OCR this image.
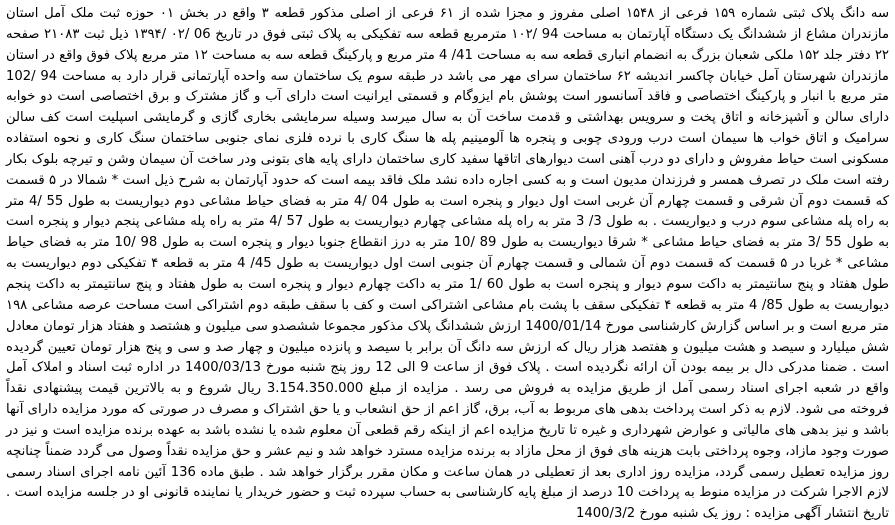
سه دانگ پلاک ثبتی شماره ۱۵۹ فرعی از ۱۵۴۸ اصلی مفروز و مجزا شده از ۶۱ فرعی از اصلی مذکور قطعه ۳ واقع در بخش ۰۱ حوزه ثبت ملک آمل استان مازندران مشاع از ششدانگ یک دستگاه آپارتمان به مساحت 94 /۱۰۲ مترمربع قطعه سه تفکیکی به پلاک ثبتی فوق در تاریخ 06 /۰۲ /۱۳۹۴ ذیل ثبت ۲۱۰۸۳ صفحه ۲۲ دفتر جلد ۱۵۲ ملکی شعبان بزرگ به انضمام انباری قطعه سه به مساحت 41/ 4 متر مربع و پارکینگ قطعه سه به مساحت ۱۲ متر مربع پلاک فوق واقع در استان مازندران شهرستان آمل خیابان چاکسر اندیشه ۶۲ ساختمان سرای مهر می باشد در طبقه سوم یک ساختمان سه واحده آپارتمانی قرار دارد به مساحت 94 /102 متر مربع با انبار و پارکینگ اختصاصی و فاقد آسانسور است پوشش بام ایزوگام و قسمتی ایرانیت است دارای آب و گاز مشترک و برق اختصاصی است دو خوابه دارای سالن و آشپزخانه و اتاق پخت و سرویس بهداشتی و قدمت ساخت آن به سال میرسد وسیله سرمایشی بخاری گازی و گرمایشی اسپلیت است کف سالن سرامیک و اتاق خواب ها سیمان است درب ورودی چوبی و پنجره ها آلومینیم پله ها سنگ کاری با نرده فلزی نمای جنوبی ساختمان سنگ کاری و نحوه استفاده مسکونی است حیاط مفروش و دارای دو درب آهنی است دیوارهای اتاقها سفید کاری ساختمان دارای پایه های بتونی ودر ساخت آن سیمان وشن و تیرچه بلوک بکار رفته است ملک در تصرف همسر و فرزندان مدیون است و به کسی اجاره داده نشد ملک فاقد بیمه است که حدود آپارتمان به شرح ذیل است * شمالا در ۵ قسمت که قسمت دوم آن شرقی و قسمت چهارم آن غربی است اول دیوار و پنجره است به طول 04 /4 متر به فضای حیاط مشاعی دوم دیواریست به طول 55 /4 متر به راه پله مشاعی سوم درب و دیواریست . به طول 3/ 3 متر به راه پله مشاعی چهارم دیواریست به طول 57 /4 متر به راه پله مشاعی پنجم دیوار و پنجره است به طول 55 /3 متر به فضای حیاط مشاعی * شرقا دیواریست به طول 89 /10 متر به درز انقطاع جنوبا دیوار و پنجره است به طول 98 /10 متر به فضای حیاط مشاعی * غربا در ۵ قسمت که قسمت دوم آن شمالی و قسمت چهارم آن جنوبی است اول دیواریست به طول 45/ 4 متر به قطعه ۴ تفکیکی دوم دیواریست به طول هفتاد و پنج سانتیمتر به داکت سوم دیوار و پنجره است به طول 60 /1 متر به داکت چهارم دیوار و پنجره است به طول هفتاد و پنج سانتیمتر به داکت پنجم دیواریست به طول 85/ 4 متر به قطعه ۴ تفکیکی سقف با پشت بام مشاعی اشتراکی است و کف با سقف طبقه دوم اشتراکی است مساحت عرصه مشاعی ۱۹۸ متر مربع است و بر اساس گزارش کارشناسی مورخ 1400/01/14 ارزش ششدانگ پلاک مذکور مجموعا ششصدو سی میلیون و هشتصد و هفتاد هزار تومان معادل شش میلیارد و سیصد و هشت میلیون و هفتصد هزار ریال که ارزش سه دانگ آن برابر با سیصد و پانزده میلیون و چهار صد و سی و پنج هزار تومان تعیین گردیده است . ضمنا مدرکی دال بر بیمه بودن آن ارائه نگردیده است . پلاک فوق از ساعت 9 الی 12 روز پنج شنبه مورخ 1400/03/13 در اداره ثبت اسناد و املاک آمل واقع در شعبه اجرای اسناد رسمی آمل از طریق مزایده به فروش می رسد . مزایده از مبلغ 3.154.350.000 ریال شروع و به بالاترین قیمت پیشنهادی نقداً فروخته می شود. لازم به ذکر است پرداخت بدهی های مربوط به آب، برق، گاز اعم از حق انشعاب و یا حق اشتراک و مصرف در صورتی که مورد مزایده دارای آنها باشد و نیز بدهی های مالیاتی و عوارض شهرداری و غیره تا تاریخ مزایده اعم از اینکه رقم قطعی آن معلوم شده یا نشده باشد به عهده برنده مزایده است و نیز در صورت وجود مازاد، وجوه پرداختی بابت هزینه های فوق از محل مازاد به برنده مزایده مسترد خواهد شد و نیم عشر و حق مزایده نقداً وصول می گردد ضمناً چنانچه روز مزایده تعطیل رسمی گردد، مزایده روز اداری بعد از تعطیلی در همان ساعت و مکان مقرر برگزار خواهد شد . طبق ماده 136 آئین نامه اجرای اسناد رسمی لازم الاجرا شرکت در مزایده منوط به پرداخت 10 درصد از مبلغ پایه کارشناسی به حساب سپرده ثبت و حضور خریدار یا نماینده قانونی او در جلسه مزایده است . تاریخ انتشار آگهی مزایده : روز یک شنبه مورخ 1400/3/2
